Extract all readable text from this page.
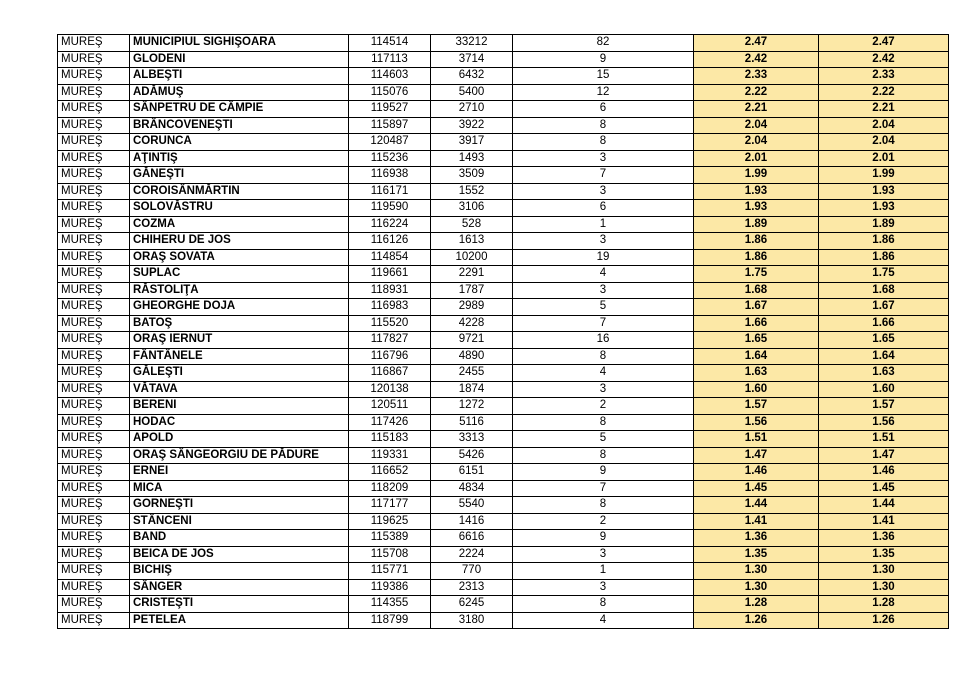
MUREŞ	MUNICIPIUL SIGHIŞOARA	114514	33212	82	2.47	2.47
MUREŞ	GLODENI	117113	3714	9	2.42	2.42
MUREŞ	ALBEŞTI	114603	6432	15	2.33	2.33
MUREŞ	ADĂMUŞ	115076	5400	12	2.22	2.22
MUREŞ	SÂNPETRU DE CÂMPIE	119527	2710	6	2.21	2.21
MUREŞ	BRÂNCOVENEŞTI	115897	3922	8	2.04	2.04
MUREŞ	CORUNCA	120487	3917	8	2.04	2.04
MUREŞ	AŢINTIŞ	115236	1493	3	2.01	2.01
MUREŞ	GĂNEŞTI	116938	3509	7	1.99	1.99
MUREŞ	COROISÂNMĂRTIN	116171	1552	3	1.93	1.93
MUREŞ	SOLOVĂSTRU	119590	3106	6	1.93	1.93
MUREŞ	COZMA	116224	528	1	1.89	1.89
MUREŞ	CHIHERU DE JOS	116126	1613	3	1.86	1.86
MUREŞ	ORAŞ SOVATA	114854	10200	19	1.86	1.86
MUREŞ	SUPLAC	119661	2291	4	1.75	1.75
MUREŞ	RĂSTOLIŢA	118931	1787	3	1.68	1.68
MUREŞ	GHEORGHE DOJA	116983	2989	5	1.67	1.67
MUREŞ	BATOŞ	115520	4228	7	1.66	1.66
MUREŞ	ORAŞ IERNUT	117827	9721	16	1.65	1.65
MUREŞ	FÂNTÂNELE	116796	4890	8	1.64	1.64
MUREŞ	GĂLEŞTI	116867	2455	4	1.63	1.63
MUREŞ	VĂTAVA	120138	1874	3	1.60	1.60
MUREŞ	BERENI	120511	1272	2	1.57	1.57
MUREŞ	HODAC	117426	5116	8	1.56	1.56
MUREŞ	APOLD	115183	3313	5	1.51	1.51
MUREŞ	ORAŞ SÂNGEORGIU DE PĂDURE	119331	5426	8	1.47	1.47
MUREŞ	ERNEI	116652	6151	9	1.46	1.46
MUREŞ	MICA	118209	4834	7	1.45	1.45
MUREŞ	GORNEŞTI	117177	5540	8	1.44	1.44
MUREŞ	STÂNCENI	119625	1416	2	1.41	1.41
MUREŞ	BAND	115389	6616	9	1.36	1.36
MUREŞ	BEICA DE JOS	115708	2224	3	1.35	1.35
MUREŞ	BICHIŞ	115771	770	1	1.30	1.30
MUREŞ	SÂNGER	119386	2313	3	1.30	1.30
MUREŞ	CRISTEŞTI	114355	6245	8	1.28	1.28
MUREŞ	PETELEA	118799	3180	4	1.26	1.26
